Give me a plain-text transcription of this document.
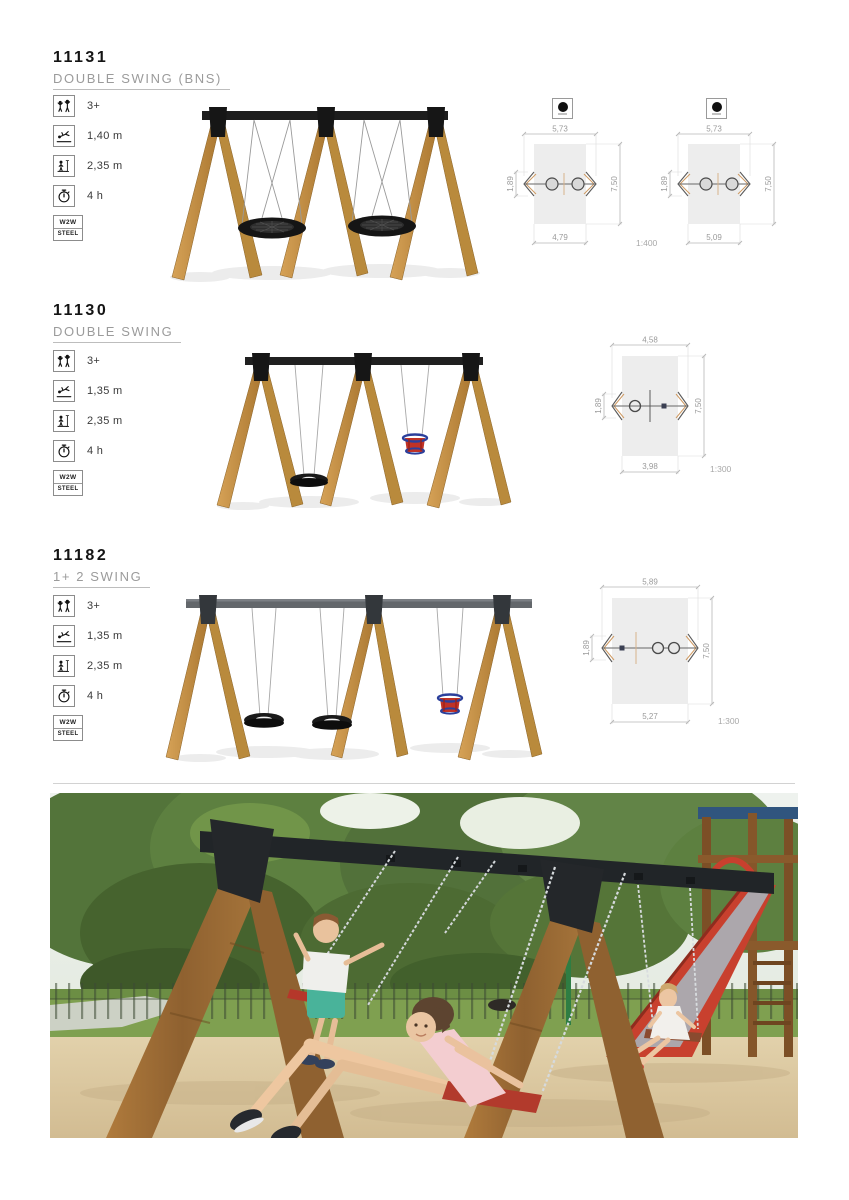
11131
DOUBLE SWING (BNS)
3+
1,40 m
2,35 m
4 h
W2W
STEEL
5,73
4,79
7,50
1,89
1:400
5,73
5,09
7,50
1,89
11130
DOUBLE SWING
3+
1,35 m
2,35 m
4 h
W2W
STEEL
4,58
3,98
7,50
1,89
1:300
11182
1+ 2 SWING
3+
1,35 m
2,35 m
4 h
W2W
STEEL
5,89
5,27
7,50
1,89
1:300
